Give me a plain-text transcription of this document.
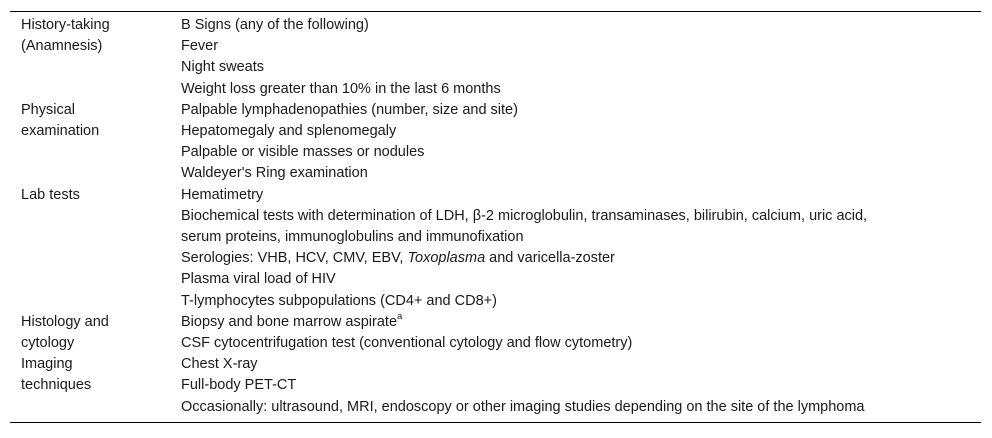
History-taking
(Anamnesis)
B Signs (any of the following)
Fever
Night sweats
Weight loss greater than 10% in the last 6 months
Physical
examination
Palpable lymphadenopathies (number, size and site)
Hepatomegaly and splenomegaly
Palpable or visible masses or nodules
Waldeyer's Ring examination
Lab tests	Hematimetry
Biochemical tests with determination of LDH, β-2 microglobulin, transaminases, bilirubin, calcium, uric acid,
serum proteins, immunoglobulins and immunofixation
Serologies: VHB, HCV, CMV, EBV, Toxoplasma and varicella-zoster
Plasma viral load of HIV
T-lymphocytes subpopulations (CD4+ and CD8+)
Histology and
cytology
Biopsy and bone marrow aspirate$^a$
CSF cytocentrifugation test (conventional cytology and flow cytometry)
Imaging
techniques
Chest X-ray
Full-body PET-CT
Occasionally: ultrasound, MRI, endoscopy or other imaging studies depending on the site of the lymphoma
